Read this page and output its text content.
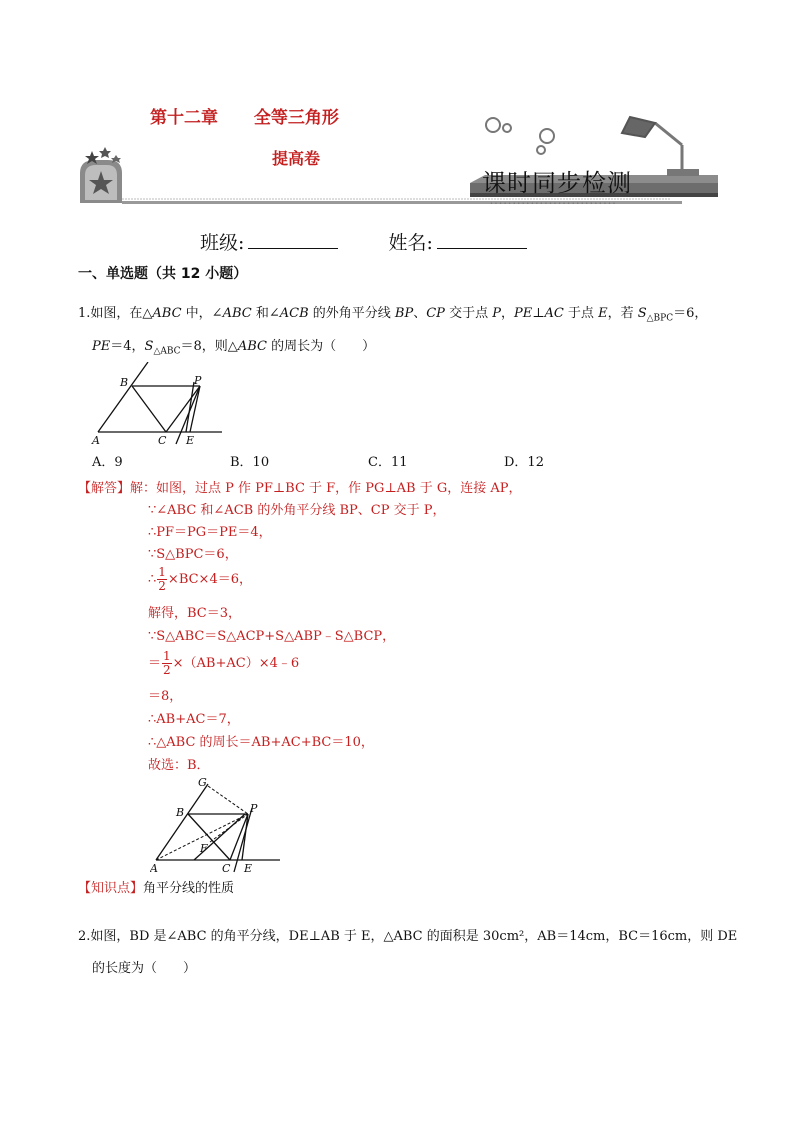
• • • • • • • • • • • • • • • • • • • • • • • • • • • •
第十二章 全等三角形
提高卷
课时同步检测
班级:	姓名:
一、单选题（共 12 小题）
1.如图，在△ABC 中，∠ABC 和∠ACB 的外角平分线 BP、CP 交于点 P，PE⊥AC 于点 E，若 $S_{\triangle BPC}=6$，
PE＝4，$S_{\triangle ABC}=8$，则△ABC 的周长为（　　）
B	P
A	C E
A．9	B．10	C．11	D．12
【解答】解：如图，过点 P 作 PF⊥BC 于 F，作 PG⊥AB 于 G，连接 AP，
∵∠ABC 和∠ACB 的外角平分线 BP、CP 交于 P，
∴PF＝PG＝PE＝4，
∵S△BPC＝6，
∴ $\frac{1}{2} \times BC\times 4=6$，
解得，BC＝3，
∵S△ABC＝S△ACP+S△ABP﹣S△BCP，
＝ $\frac{1}{2}$ ×（AB+AC）×4﹣6
＝8，
∴AB+AC＝7，
∴△ABC 的周长＝AB+AC+BC＝10，
故选：B．
G
B	P
F
A	C E
【知识点】角平分线的性质
2.如图，BD 是∠ABC 的角平分线，DE⊥AB 于 E，△ABC 的面积是 30cm²，AB＝14cm，BC＝16cm，则 DE
的长度为（　　）
